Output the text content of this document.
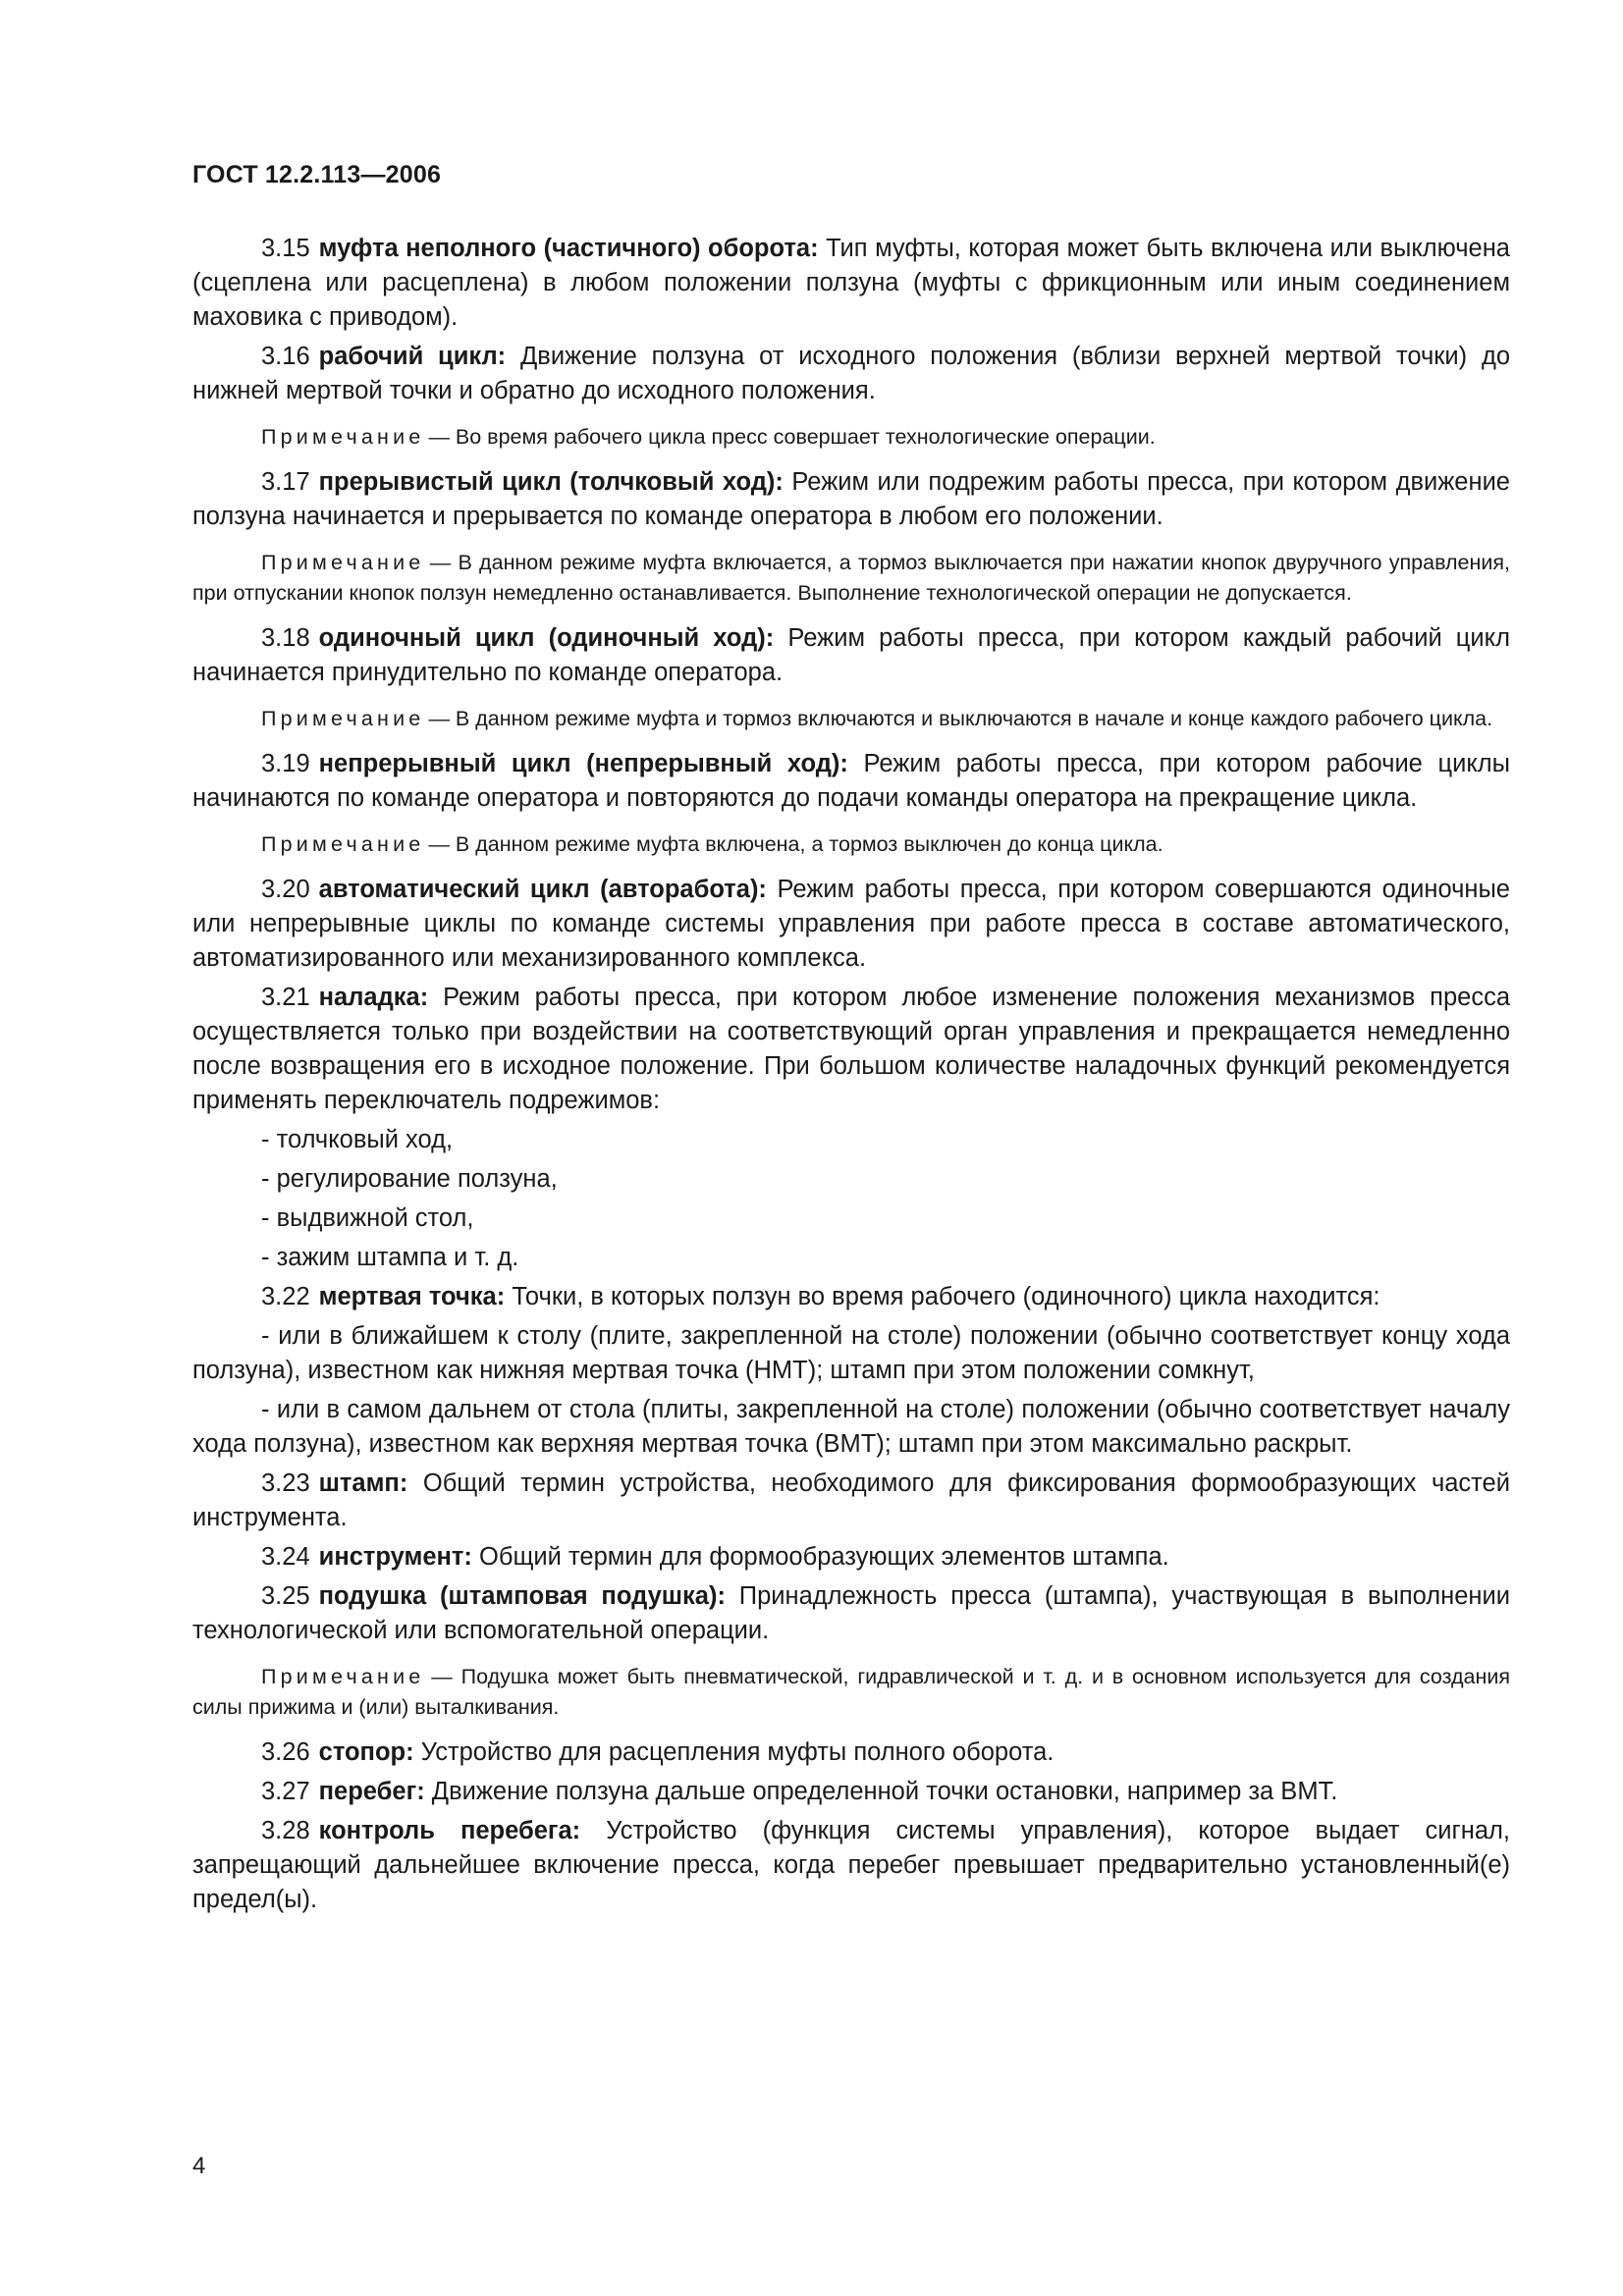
ГОСТ 12.2.113—2006

3.15 муфта неполного (частичного) оборота: Тип муфты, которая может быть включена или выключена (сцеплена или расцеплена) в любом положении ползуна (муфты с фрикционным или иным соединением маховика с приводом).

3.16 рабочий цикл: Движение ползуна от исходного положения (вблизи верхней мертвой точки) до нижней мертвой точки и обратно до исходного положения.

Примечание — Во время рабочего цикла пресс совершает технологические операции.

3.17 прерывистый цикл (толчковый ход): Режим или подрежим работы пресса, при котором движение ползуна начинается и прерывается по команде оператора в любом его положении.

Примечание — В данном режиме муфта включается, а тормоз выключается при нажатии кнопок двуручного управления, при отпускании кнопок ползун немедленно останавливается. Выполнение технологической операции не допускается.

3.18 одиночный цикл (одиночный ход): Режим работы пресса, при котором каждый рабочий цикл начинается принудительно по команде оператора.

Примечание — В данном режиме муфта и тормоз включаются и выключаются в начале и конце каждого рабочего цикла.

3.19 непрерывный цикл (непрерывный ход): Режим работы пресса, при котором рабочие циклы начинаются по команде оператора и повторяются до подачи команды оператора на прекращение цикла.

Примечание — В данном режиме муфта включена, а тормоз выключен до конца цикла.

3.20 автоматический цикл (авторабота): Режим работы пресса, при котором совершаются одиночные или непрерывные циклы по команде системы управления при работе пресса в составе автоматического, автоматизированного или механизированного комплекса.

3.21 наладка: Режим работы пресса, при котором любое изменение положения механизмов пресса осуществляется только при воздействии на соответствующий орган управления и прекращается немедленно после возвращения его в исходное положение. При большом количестве наладочных функций рекомендуется применять переключатель подрежимов:

- толчковый ход,

- регулирование ползуна,

- выдвижной стол,

- зажим штампа и т. д.

3.22 мертвая точка: Точки, в которых ползун во время рабочего (одиночного) цикла находится:

- или в ближайшем к столу (плите, закрепленной на столе) положении (обычно соответствует концу хода ползуна), известном как нижняя мертвая точка (НМТ); штамп при этом положении сомкнут,

- или в самом дальнем от стола (плиты, закрепленной на столе) положении (обычно соответствует началу хода ползуна), известном как верхняя мертвая точка (ВМТ); штамп при этом максимально раскрыт.

3.23 штамп: Общий термин устройства, необходимого для фиксирования формообразующих частей инструмента.

3.24 инструмент: Общий термин для формообразующих элементов штампа.

3.25 подушка (штамповая подушка): Принадлежность пресса (штампа), участвующая в выполнении технологической или вспомогательной операции.

Примечание — Подушка может быть пневматической, гидравлической и т. д. и в основном используется для создания силы прижима и (или) выталкивания.

3.26 стопор: Устройство для расцепления муфты полного оборота.

3.27 перебег: Движение ползуна дальше определенной точки остановки, например за ВМТ.

3.28 контроль перебега: Устройство (функция системы управления), которое выдает сигнал, запрещающий дальнейшее включение пресса, когда перебег превышает предварительно установленный(е) предел(ы).

4
